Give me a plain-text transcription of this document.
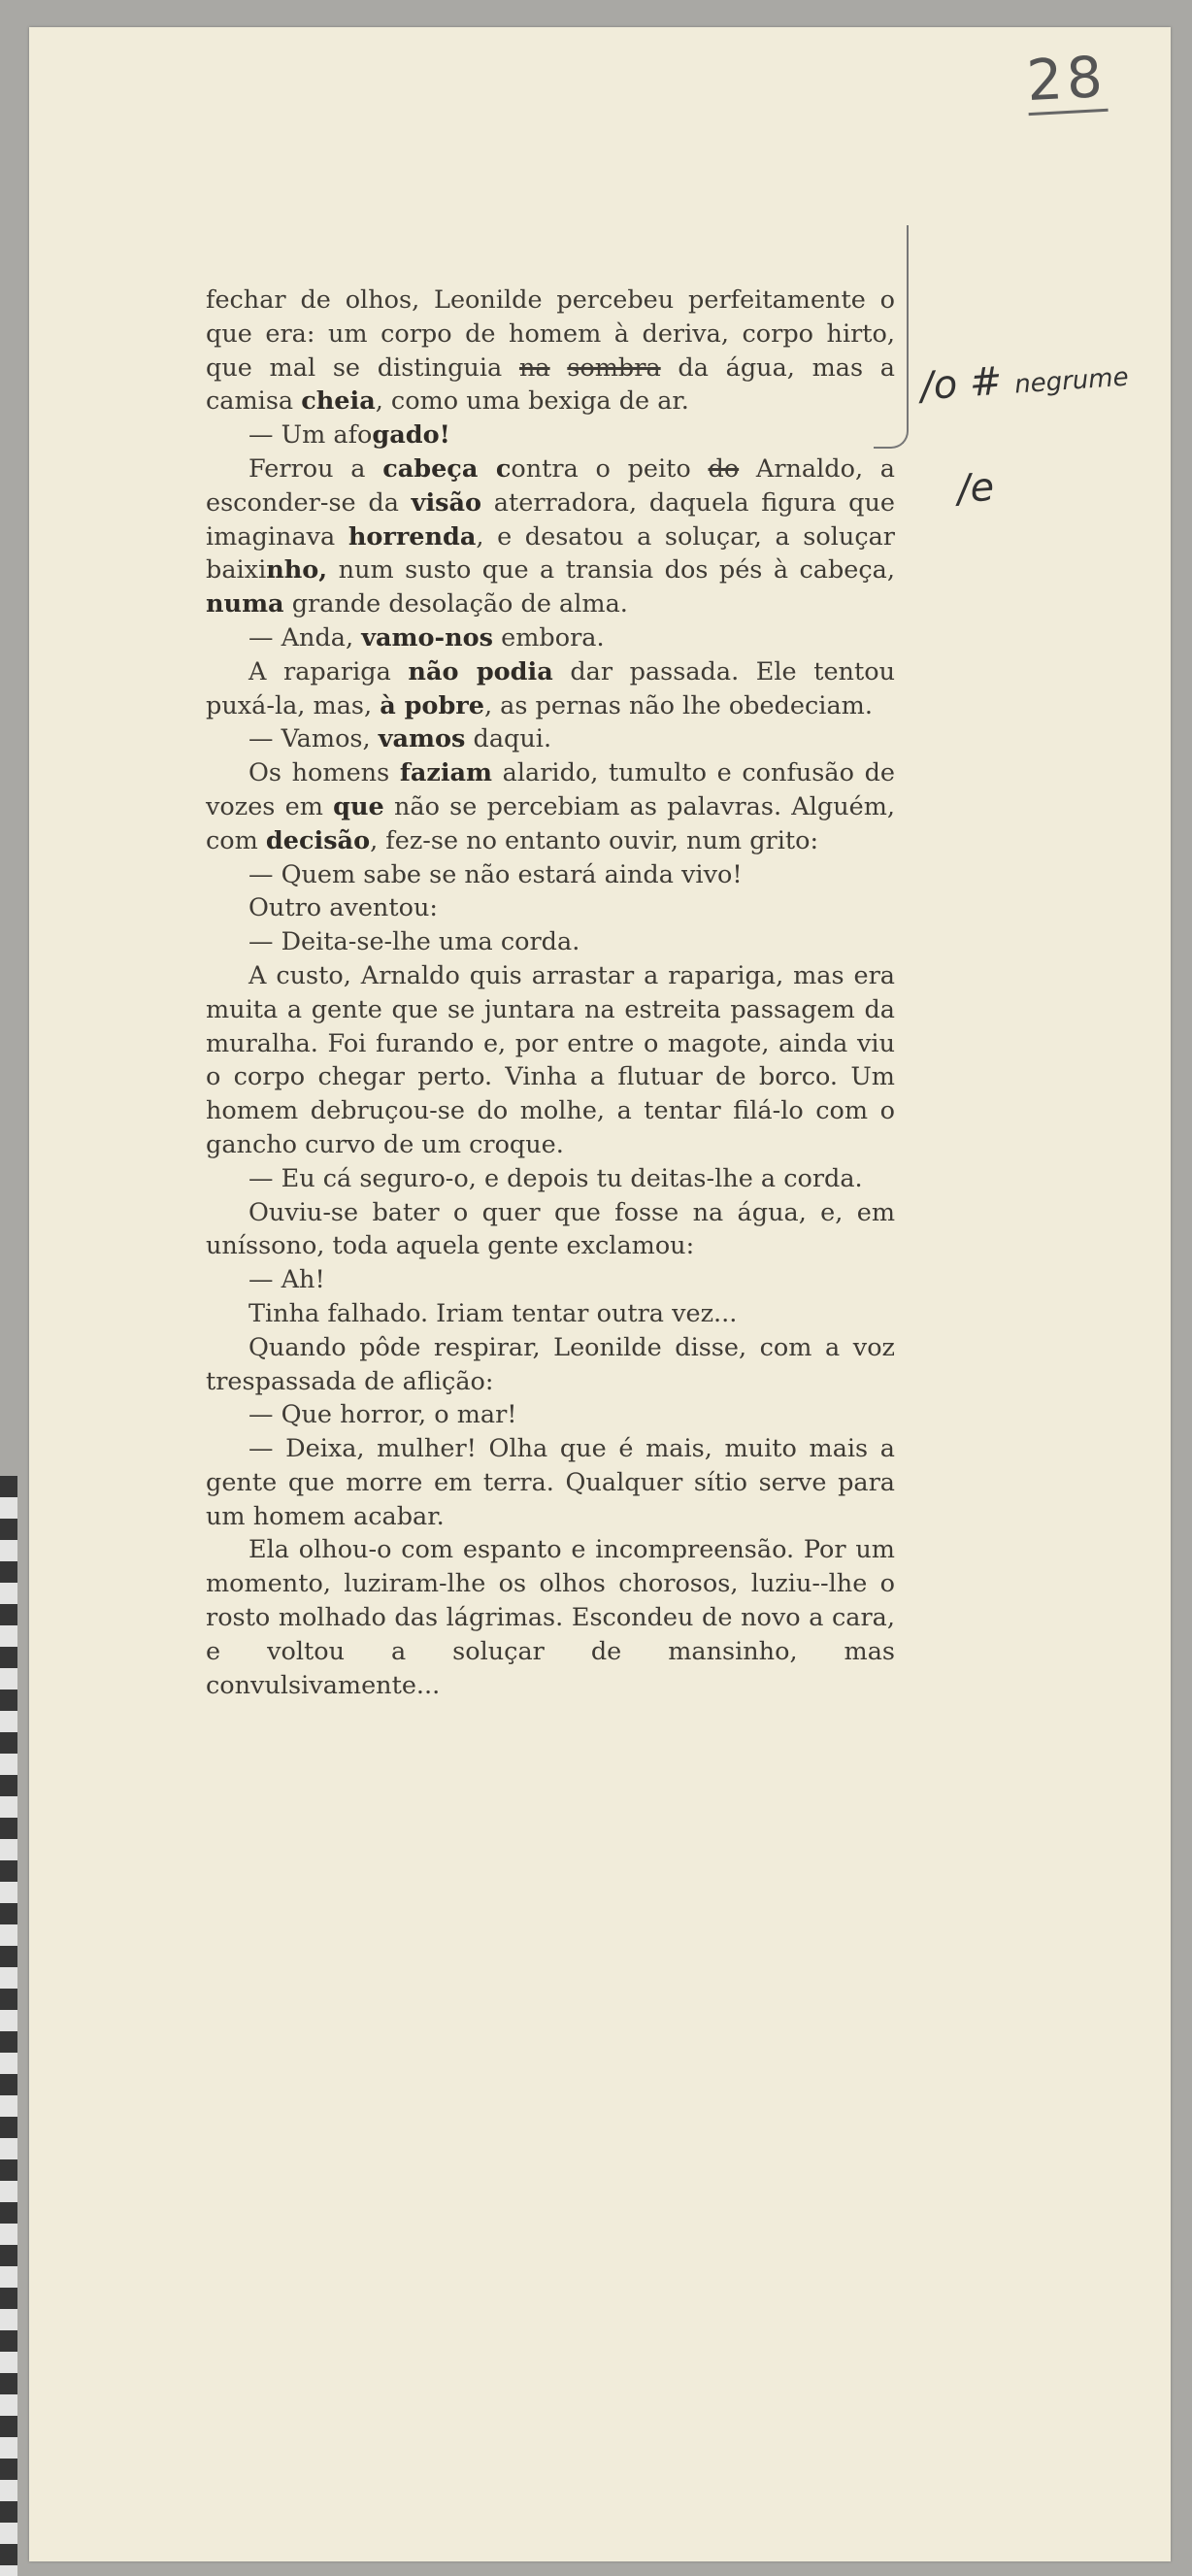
28
/o # negrume
/e

fechar de olhos, Leonilde percebeu perfeitamente o que era: um corpo de homem à deriva, corpo hirto, que mal se distinguia na sombra da água, mas a camisa cheia, como uma bexiga de ar.

— Um afogado!

Ferrou a cabeça contra o peito do Arnaldo, a esconder-se da visão aterradora, daquela figura que imaginava horrenda, e desatou a soluçar, a soluçar baixinho, num susto que a transia dos pés à cabeça, numa grande desolação de alma.

— Anda, vamo-nos embora.

A rapariga não podia dar passada. Ele tentou puxá-la, mas, à pobre, as pernas não lhe obedeciam.

— Vamos, vamos daqui.

Os homens faziam alarido, tumulto e confusão de vozes em que não se percebiam as palavras. Alguém, com decisão, fez-se no entanto ouvir, num grito:

— Quem sabe se não estará ainda vivo!

Outro aventou:

— Deita-se-lhe uma corda.

A custo, Arnaldo quis arrastar a rapariga, mas era muita a gente que se juntara na estreita passagem da muralha. Foi furando e, por entre o magote, ainda viu o corpo chegar perto. Vinha a flutuar de borco. Um homem debruçou-se do molhe, a tentar filá-lo com o gancho curvo de um croque.

— Eu cá seguro-o, e depois tu deitas-lhe a corda.

Ouviu-se bater o quer que fosse na água, e, em uníssono, toda aquela gente exclamou:

— Ah!

Tinha falhado. Iriam tentar outra vez...

Quando pôde respirar, Leonilde disse, com a voz trespassada de aflição:

— Que horror, o mar!

— Deixa, mulher! Olha que é mais, muito mais a gente que morre em terra. Qualquer sítio serve para um homem acabar.

Ela olhou-o com espanto e incompreensão. Por um momento, luziram-lhe os olhos chorosos, luziu--lhe o rosto molhado das lágrimas. Escondeu de novo a cara, e voltou a soluçar de mansinho, mas convulsivamente...
